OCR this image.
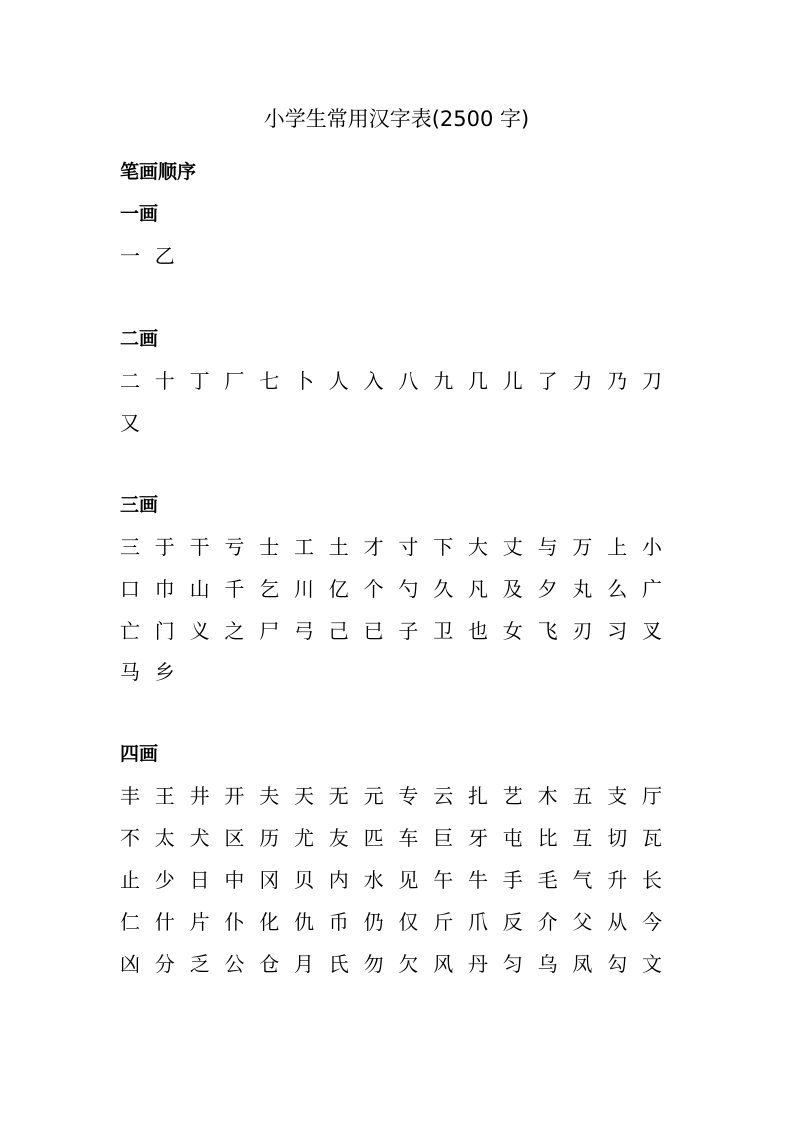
小学生常用汉字表(2500 字)
笔画顺序
一画
一 乙
二画
二 十 丁 厂 七 卜 人 入 八 九 几 儿 了 力 乃 刀
又
三画
三 于 干 亏 士 工 土 才 寸 下 大 丈 与 万 上 小
口 巾 山 千 乞 川 亿 个 勺 久 凡 及 夕 丸 么 广
亡 门 义 之 尸 弓 己 已 子 卫 也 女 飞 刃 习 叉
马 乡
四画
丰 王 井 开 夫 天 无 元 专 云 扎 艺 木 五 支 厅
不 太 犬 区 历 尤 友 匹 车 巨 牙 屯 比 互 切 瓦
止 少 日 中 冈 贝 内 水 见 午 牛 手 毛 气 升 长
仁 什 片 仆 化 仇 币 仍 仅 斤 爪 反 介 父 从 今
凶 分 乏 公 仓 月 氏 勿 欠 风 丹 匀 乌 凤 勾 文
